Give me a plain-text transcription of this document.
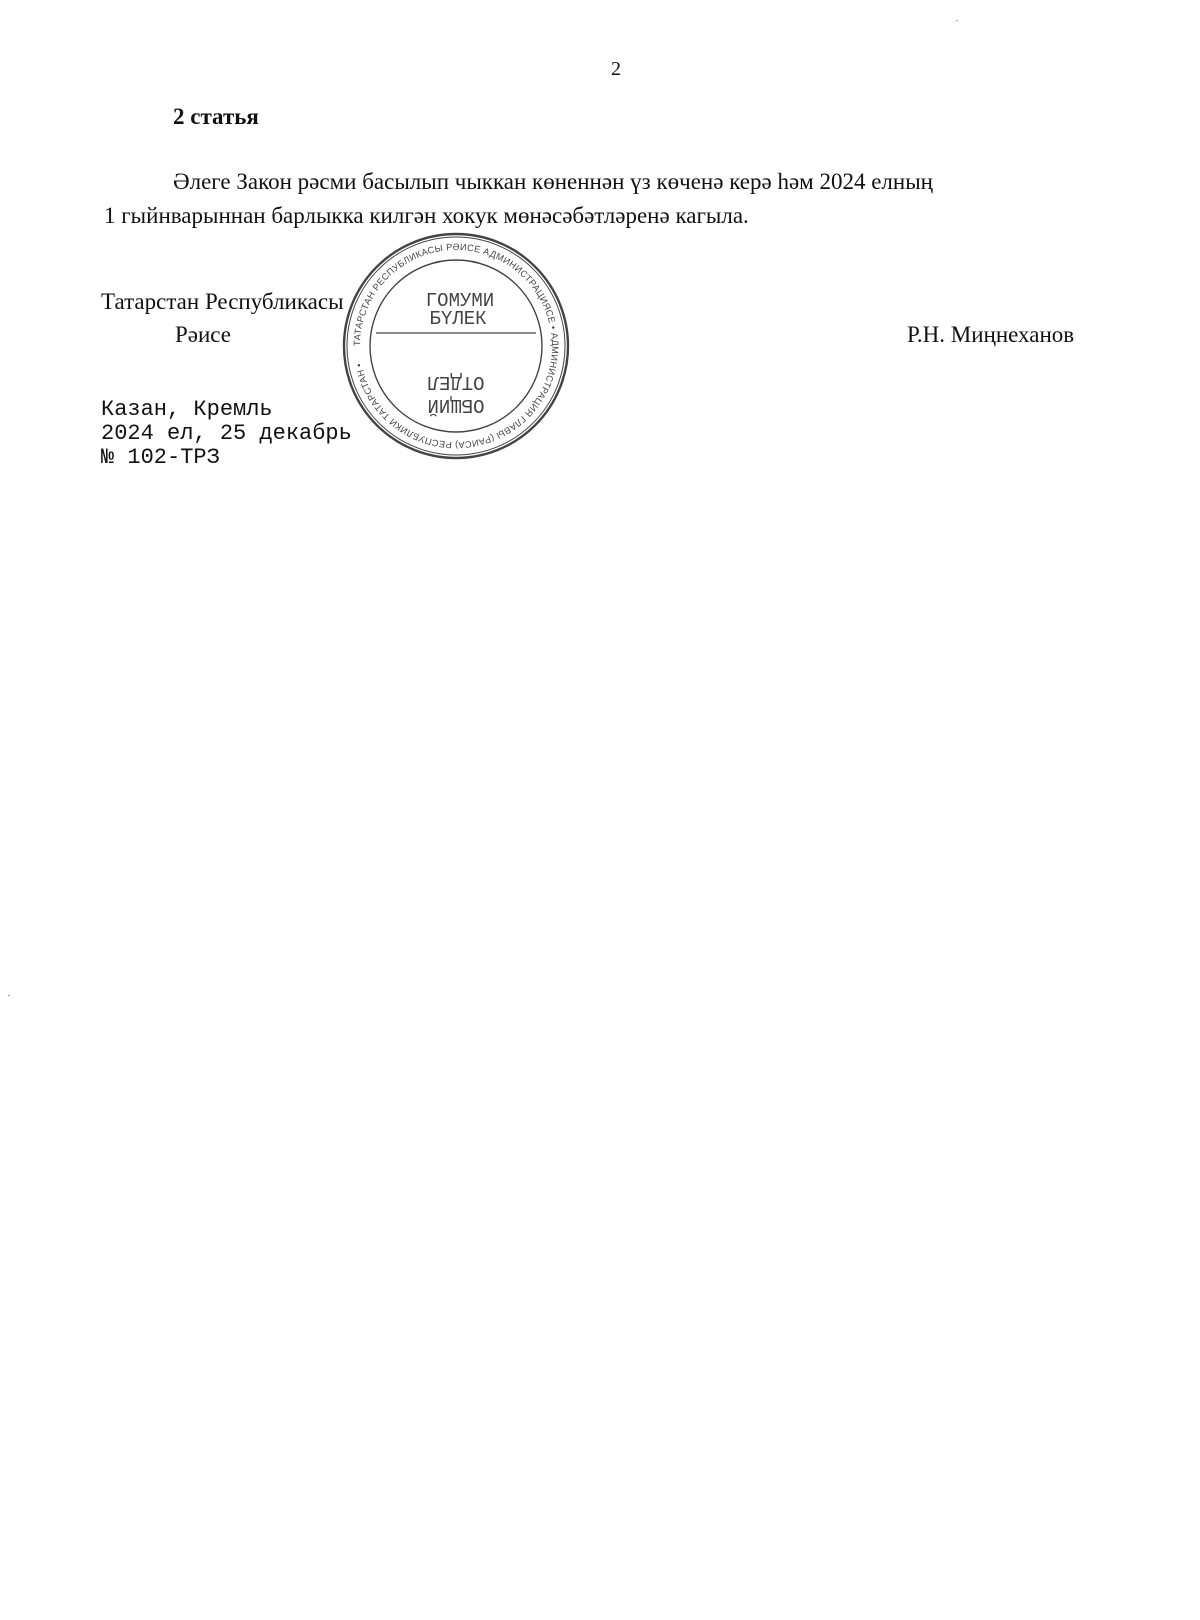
2
2 статья
Әлеге Закон рәсми басылып чыккан көненнән үз көченә керә һәм 2024 елның
1 гыйнварыннан барлыкка килгән хокук мөнәсәбәтләренә кагыла.
Татарстан Республикасы
Рәисе	Р.Н. Миңнеханов
Казан, Кремль
2024 ел, 25 декабрь
№ 102-ТРЗ
ТАТАРСТАН РЕСПУБЛИКАСЫ РӘИСЕ АДМИНИСТРАЦИЯСЕ • АДМИНИСТРАЦИЯ ГЛАВЫ (РАИСА) РЕСПУБЛИКИ ТАТАРСТАН •
ГОМУМИ
БҮЛЕК
ОТДЕЛ
ОБЩИЙ
